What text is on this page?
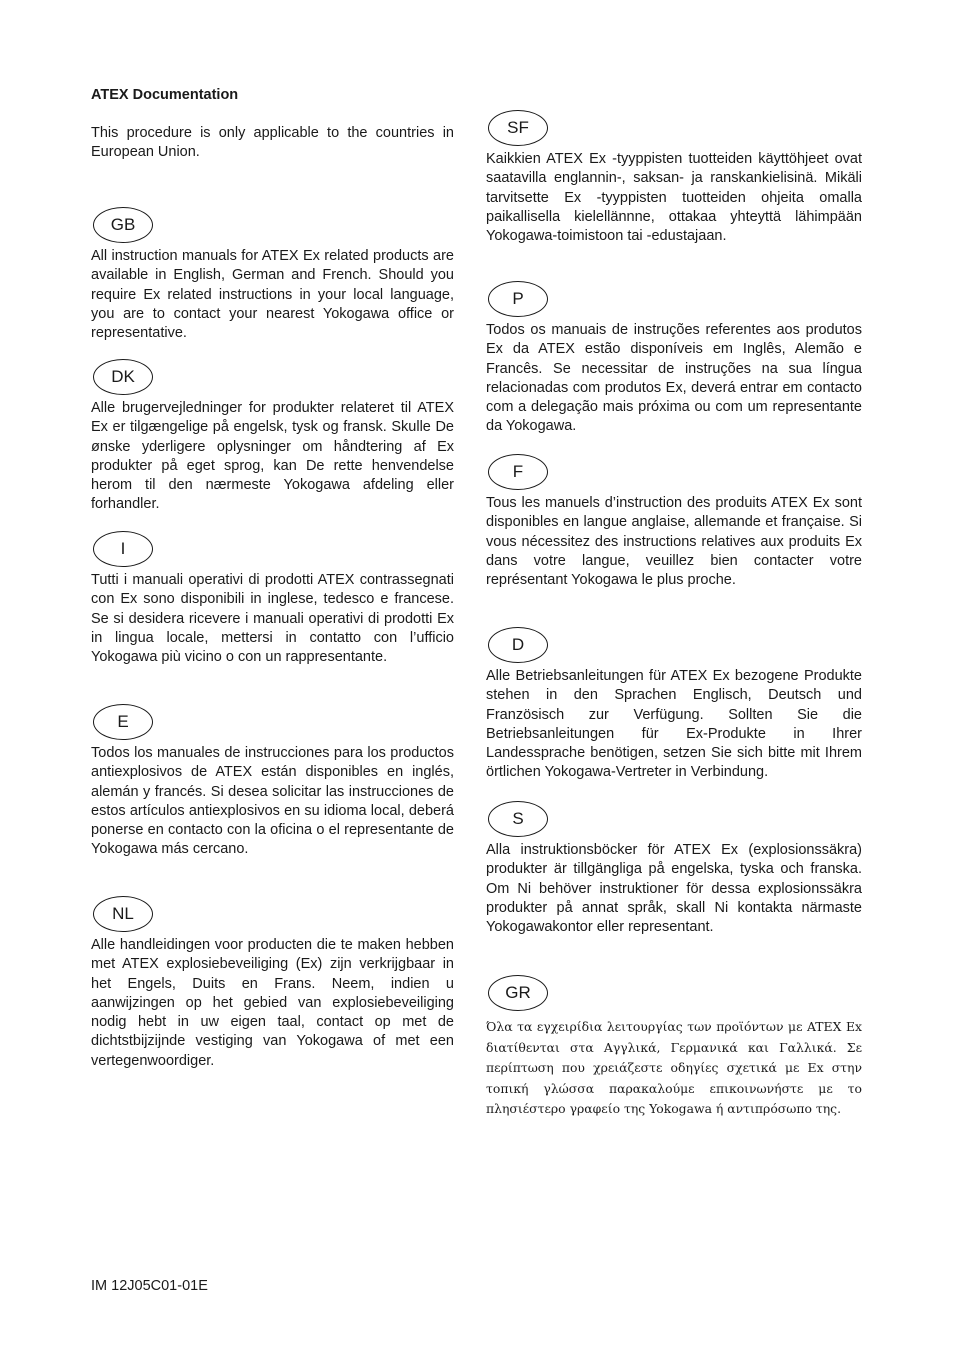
ATEX Documentation
This procedure is only applicable to the countries in European Union.
GB
All instruction manuals for ATEX Ex related products are available in English, German and French. Should you require Ex related instructions in your local language, you are to contact your nearest Yokogawa office or representative.
DK
Alle brugervejledninger for produkter relateret til ATEX Ex er tilgængelige på engelsk, tysk og fransk. Skulle De ønske yderligere oplysninger om håndtering af Ex produkter på eget sprog, kan De rette henvendelse herom til den nærmeste Yokogawa afdeling eller forhandler.
I
Tutti i manuali operativi di prodotti ATEX contrassegnati con Ex sono disponibili in inglese, tedesco e francese. Se si desidera ricevere i manuali operativi di prodotti Ex in lingua locale, mettersi in contatto con l’ufficio Yokogawa più vicino o con un rappresentante.
E
Todos los manuales de instrucciones para los productos antiexplosivos de ATEX están disponibles en inglés, alemán y francés. Si desea solicitar las instrucciones de estos artículos antiexplosivos en su idioma local, deberá ponerse en contacto con la oficina o el representante de Yokogawa más cercano.
NL
Alle handleidingen voor producten die te maken hebben met ATEX explosiebeveiliging (Ex) zijn verkrijgbaar in het Engels, Duits en Frans. Neem, indien u aanwijzingen op het gebied van explosiebeveiliging nodig hebt in uw eigen taal, contact op met de dichtstbijzijnde vestiging van Yokogawa of met een vertegenwoordiger.
SF
Kaikkien ATEX Ex -tyyppisten tuotteiden käyttöhjeet ovat saatavilla englannin-, saksan- ja ranskankielisinä. Mikäli tarvitsette Ex -tyyppisten tuotteiden ohjeita omalla paikallisella kielellännne, ottakaa yhteyttä lähimpään Yokogawa-toimistoon tai -edustajaan.
P
Todos os manuais de instruções referentes aos produtos Ex da ATEX estão disponíveis em Inglês, Alemão e Francês. Se necessitar de instruções na sua língua relacionadas com produtos Ex, deverá entrar em contacto com a delegação mais próxima ou com um representante da Yokogawa.
F
Tous les manuels d’instruction des produits ATEX Ex sont disponibles en langue anglaise, allemande et française. Si vous nécessitez des instructions relatives aux produits Ex dans votre langue, veuillez bien contacter votre représentant Yokogawa le plus proche.
D
Alle Betriebsanleitungen für ATEX Ex bezogene Produkte stehen in den Sprachen Englisch, Deutsch und Französisch zur Verfügung. Sollten Sie die Betriebsanleitungen für Ex-Produkte in Ihrer Landessprache benötigen, setzen Sie sich bitte mit Ihrem örtlichen Yokogawa-Vertreter in Verbindung.
S
Alla instruktionsböcker för ATEX Ex (explosionssäkra) produkter är tillgängliga på engelska, tyska och franska. Om Ni behöver instruktioner för dessa explosionssäkra produkter på annat språk, skall Ni kontakta närmaste Yokogawakontor eller representant.
GR
Όλα τα εγχειρίδια λειτουργίας των προϊόντων με ATEX Ex διατίθενται στα Αγγλικά, Γερμανικά και Γαλλικά. Σε περίπτωση που χρειάζεστε οδηγίες σχετικά με Ex στην τοπική γλώσσα παρακαλούμε επικοινωνήστε με το πλησιέστερο γραφείο της Yokogawa ή αντιπρόσωπο της.
IM 12J05C01-01E
